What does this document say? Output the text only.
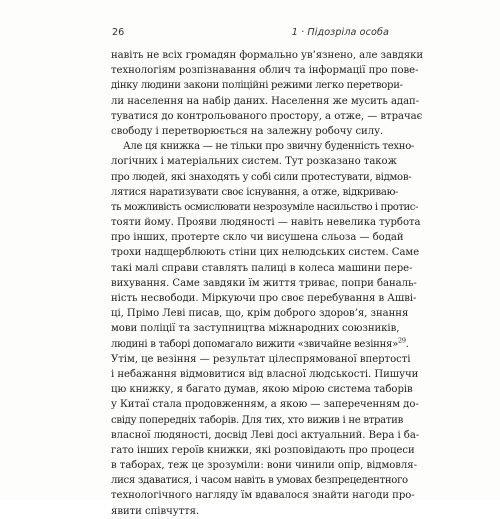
26	1 · Підозріла особа
навіть не всіх громадян формально ув’язнено, але завдяки
технологіям розпізнавання облич та інформації про пове-
дінку людини закони поліційні режими легко перетвори-
ли населення на набір даних. Населення же мусить адап-
туватися до контрольованого простору, а отже, — втрачає
свободу і перетворюється на залежну робочу силу.
Але ця книжка — не тільки про звичну буденність техно-
логічних і матеріальних систем. Тут розказано також
про людей, які знаходять у собі сили протестувати, відмов-
лятися наратизувати своє існування, а отже, відкриваю-
ть можливість осмислювати незрозуміле насильство і протис-
тояти йому. Прояви людяності — навіть невелика турбота
про інших, протерте скло чи висушена сльоза — бодай
трохи надщерблюють стіни цих нелюдських систем. Саме
такі малі справи ставлять палиці в колеса машини пере-
вихування. Саме завдяки їм життя триває, попри баналь-
ність несвободи. Міркуючи про своє перебування в Ашві-
ці, Прімо Леві писав, що, крім доброго здоров’я, знання
мови поліції та заступництва міжнародних союзників,
людині в таборі допомагало вижити «звичайне везіння»$^{29}$.
Утім, це везіння — результат цілеспрямованої впертості
і небажання відмовитися від власної людськості. Пишучи
цю книжку, я багато думав, якою мірою система таборів
у Китаї стала продовженням, а якою — запереченням до-
свіду попередніх таборів. Для тих, хто вижив і не втратив
власної людяності, досвід Леві досі актуальний. Вера і ба-
гато інших героїв книжки, які розповідають про процеси
в таборах, теж це зрозуміли: вони чинили опір, відмовля-
лися здаватися, і часом навіть в умовах безпрецедентного
технологічного нагляду їм вдавалося знайти нагоди про-
явити співчуття.
